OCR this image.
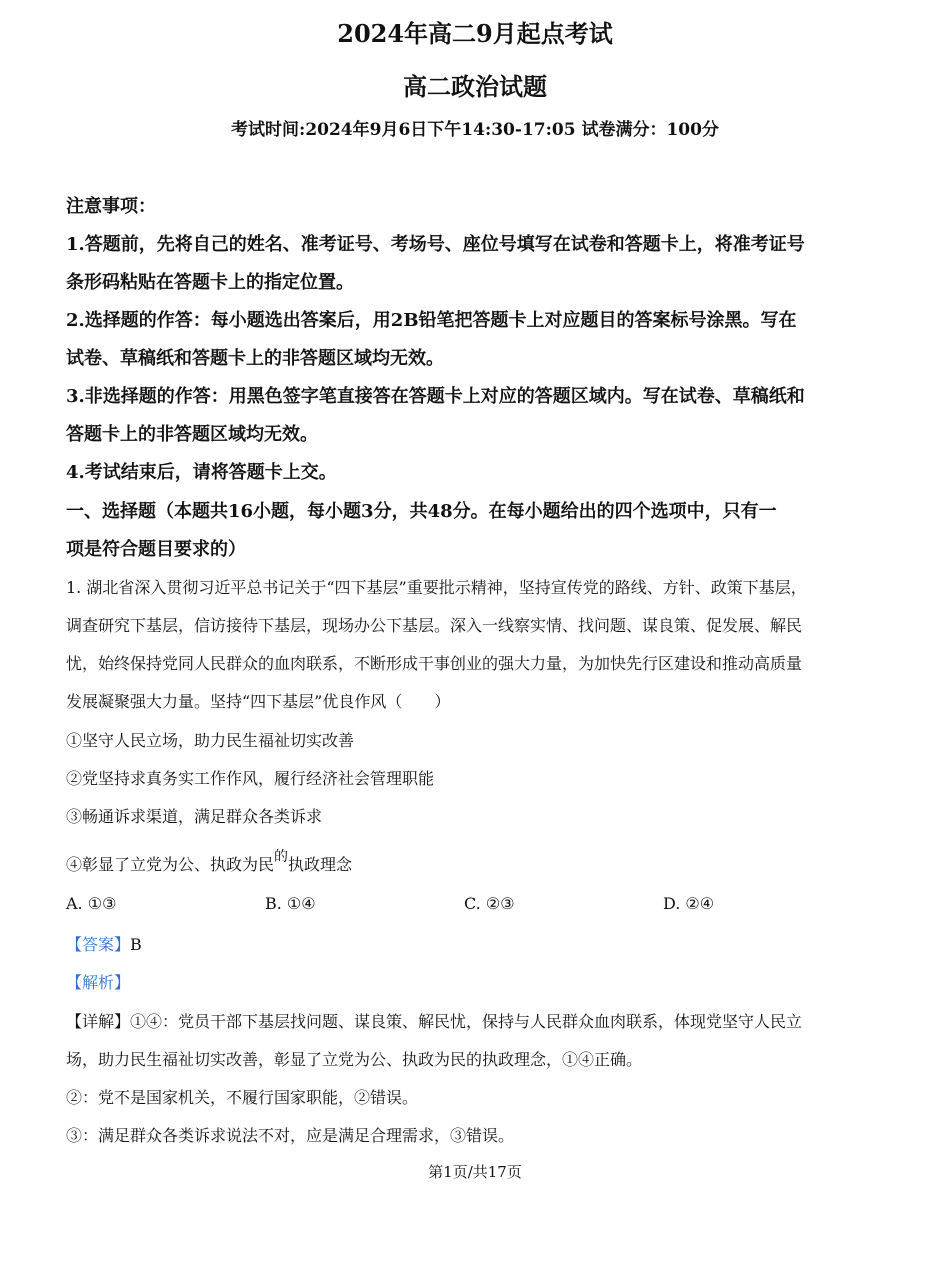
2024年高二9月起点考试
高二政治试题
考试时间:2024年9月6日下午14:30-17:05 试卷满分：100分
注意事项：
1.答题前，先将自己的姓名、准考证号、考场号、座位号填写在试卷和答题卡上，将准考证号
条形码粘贴在答题卡上的指定位置。
2.选择题的作答：每小题选出答案后，用2B铅笔把答题卡上对应题目的答案标号涂黑。写在
试卷、草稿纸和答题卡上的非答题区域均无效。
3.非选择题的作答：用黑色签字笔直接答在答题卡上对应的答题区域内。写在试卷、草稿纸和
答题卡上的非答题区域均无效。
4.考试结束后，请将答题卡上交。
一、选择题（本题共16小题，每小题3分，共48分。在每小题给出的四个选项中，只有一
项是符合题目要求的）
1. 湖北省深入贯彻习近平总书记关于“四下基层”重要批示精神，坚持宣传党的路线、方针、政策下基层，
调查研究下基层，信访接待下基层，现场办公下基层。深入一线察实情、找问题、谋良策、促发展、解民
忧，始终保持党同人民群众的血肉联系，不断形成干事创业的强大力量，为加快先行区建设和推动高质量
发展凝聚强大力量。坚持“四下基层”优良作风（　　）
①坚守人民立场，助力民生福祉切实改善
②党坚持求真务实工作作风，履行经济社会管理职能
③畅通诉求渠道，满足群众各类诉求
④彰显了立党为公、执政为民的执政理念
A. ①③	B. ①④	C. ②③	D. ②④
【答案】B
【解析】
【详解】①④：党员干部下基层找问题、谋良策、解民忧，保持与人民群众血肉联系，体现党坚守人民立
场，助力民生福祉切实改善，彰显了立党为公、执政为民的执政理念，①④正确。
②：党不是国家机关，不履行国家职能，②错误。
③：满足群众各类诉求说法不对，应是满足合理需求，③错误。
第1页/共17页
